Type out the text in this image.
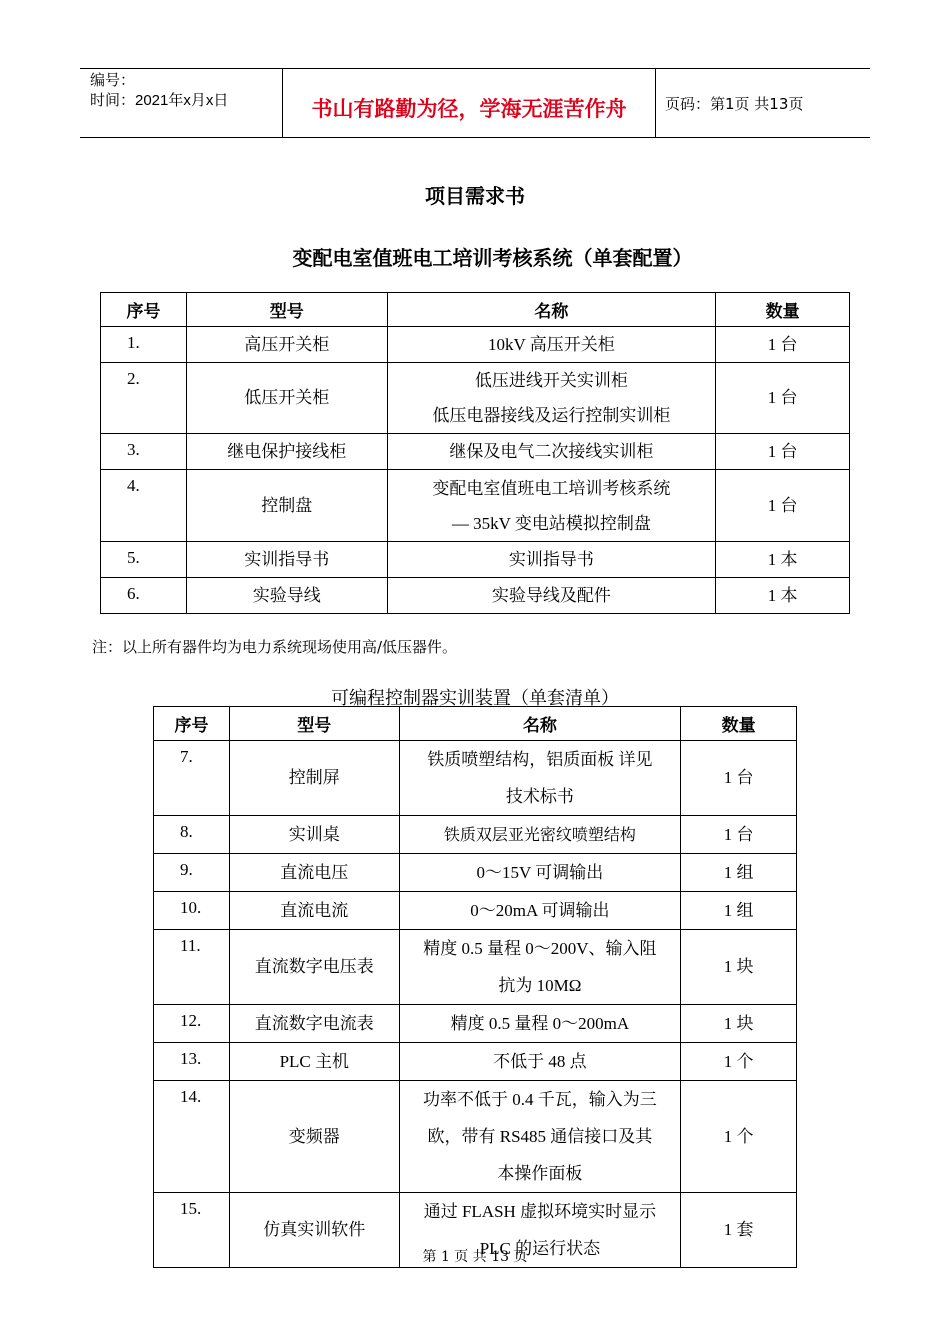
编号：
时间：2021年x月x日	书山有路勤为径，学海无涯苦作舟	页码：第1页 共13页
项目需求书
变配电室值班电工培训考核系统（单套配置）
序号	型号	名称	数量
1.	高压开关柜	10kV 高压开关柜	1 台
2.	低压开关柜	低压进线开关实训柜
低压电器接线及运行控制实训柜	1 台
3.	继电保护接线柜	继保及电气二次接线实训柜	1 台
4.	控制盘	变配电室值班电工培训考核系统
— 35kV 变电站模拟控制盘	1 台
5.	实训指导书	实训指导书	1 本
6.	实验导线	实验导线及配件	1 本
注：以上所有器件均为电力系统现场使用高/低压器件。
可编程控制器实训装置（单套清单）
序号	型号	名称	数量
7.	控制屏	铁质喷塑结构，铝质面板 详见
技术标书	1 台
8.	实训桌	铁质双层亚光密纹喷塑结构	1 台
9.	直流电压	0～15V 可调输出	1 组
10.	直流电流	0～20mA 可调输出	1 组
11.	直流数字电压表	精度 0.5 量程 0～200V、输入阻
抗为 10MΩ	1 块
12.	直流数字电流表	精度 0.5 量程 0～200mA	1 块
13.	PLC 主机	不低于 48 点	1 个
14.	变频器	功率不低于 0.4 千瓦，输入为三
欧，带有 RS485 通信接口及其
本操作面板	1 个
15.	仿真实训软件	通过 FLASH 虚拟环境实时显示
PLC 的运行状态	1 套
第 1 页 共 13 页
